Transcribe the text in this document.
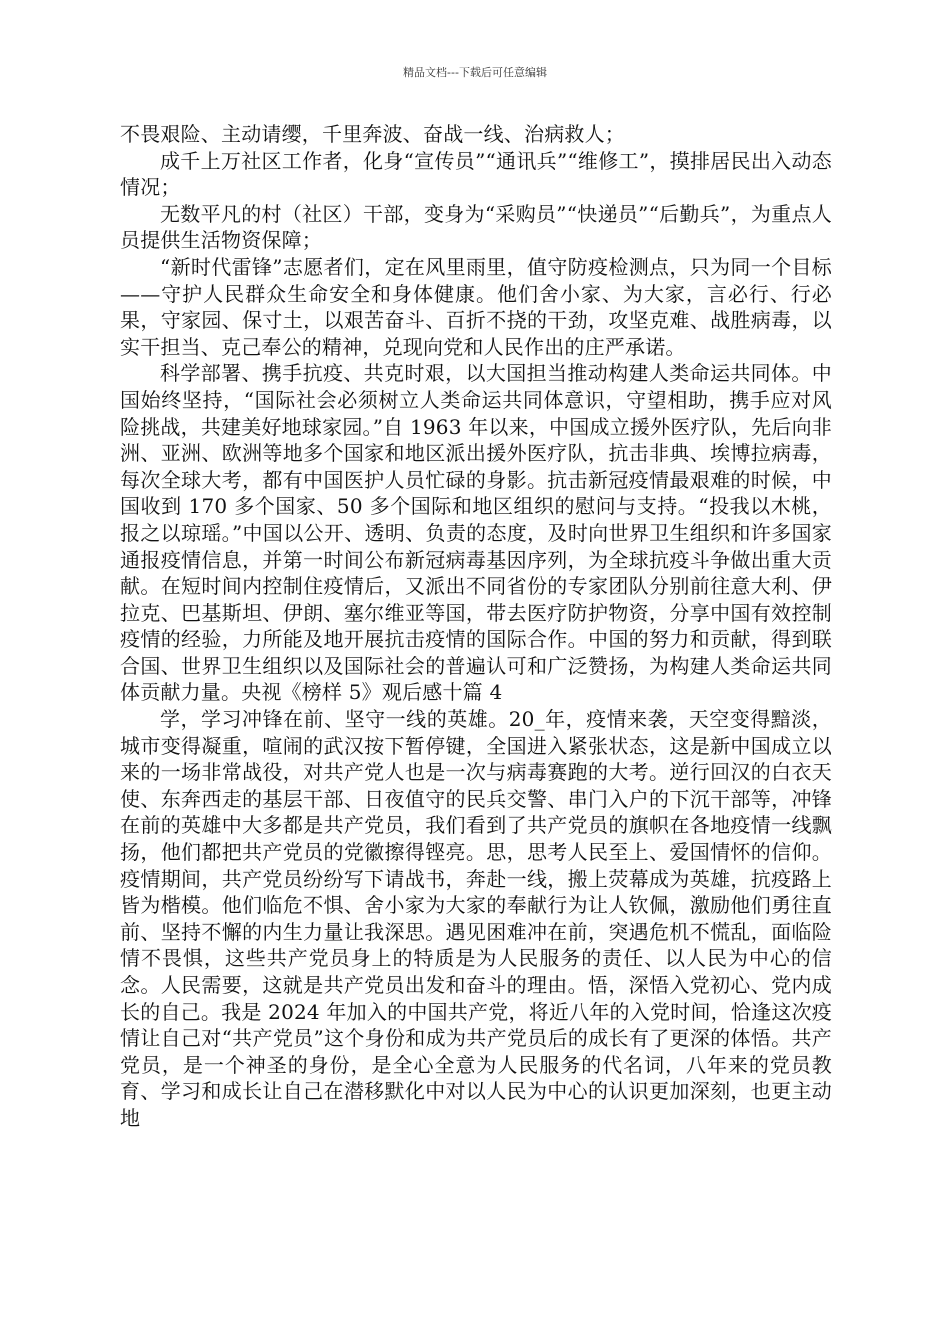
精品文档---下载后可任意编辑

不畏艰险、主动请缨，千里奔波、奋战一线、治病救人；

成千上万社区工作者，化身“宣传员”“通讯兵”“维修工”，摸排居民出入动态情况；

无数平凡的村（社区）干部，变身为“采购员”“快递员”“后勤兵”，为重点人员提供生活物资保障；

“新时代雷锋”志愿者们，定在风里雨里，值守防疫检测点，只为同一个目标——守护人民群众生命安全和身体健康。他们舍小家、为大家，言必行、行必果，守家园、保寸土，以艰苦奋斗、百折不挠的干劲，攻坚克难、战胜病毒，以实干担当、克己奉公的精神，兑现向党和人民作出的庄严承诺。

科学部署、携手抗疫、共克时艰，以大国担当推动构建人类命运共同体。中国始终坚持，“国际社会必须树立人类命运共同体意识，守望相助，携手应对风险挑战，共建美好地球家园。”自 1963 年以来，中国成立援外医疗队，先后向非洲、亚洲、欧洲等地多个国家和地区派出援外医疗队，抗击非典、埃博拉病毒，每次全球大考，都有中国医护人员忙碌的身影。抗击新冠疫情最艰难的时候，中国收到 170 多个国家、50 多个国际和地区组织的慰问与支持。“投我以木桃，报之以琼瑶。”中国以公开、透明、负责的态度，及时向世界卫生组织和许多国家通报疫情信息，并第一时间公布新冠病毒基因序列，为全球抗疫斗争做出重大贡献。在短时间内控制住疫情后，又派出不同省份的专家团队分别前往意大利、伊拉克、巴基斯坦、伊朗、塞尔维亚等国，带去医疗防护物资，分享中国有效控制疫情的经验，力所能及地开展抗击疫情的国际合作。中国的努力和贡献，得到联合国、世界卫生组织以及国际社会的普遍认可和广泛赞扬，为构建人类命运共同体贡献力量。央视《榜样 5》观后感十篇 4

学，学习冲锋在前、坚守一线的英雄。20_年，疫情来袭，天空变得黯淡，城市变得凝重，喧闹的武汉按下暂停键，全国进入紧张状态，这是新中国成立以来的一场非常战役，对共产党人也是一次与病毒赛跑的大考。逆行回汉的白衣天使、东奔西走的基层干部、日夜值守的民兵交警、串门入户的下沉干部等，冲锋在前的英雄中大多都是共产党员，我们看到了共产党员的旗帜在各地疫情一线飘扬，他们都把共产党员的党徽擦得铿亮。思，思考人民至上、爱国情怀的信仰。疫情期间，共产党员纷纷写下请战书，奔赴一线，搬上荧幕成为英雄，抗疫路上皆为楷模。他们临危不惧、舍小家为大家的奉献行为让人钦佩，激励他们勇往直前、坚持不懈的内生力量让我深思。遇见困难冲在前，突遇危机不慌乱，面临险情不畏惧，这些共产党员身上的特质是为人民服务的责任、以人民为中心的信念。人民需要，这就是共产党员出发和奋斗的理由。悟，深悟入党初心、党内成长的自己。我是 2024 年加入的中国共产党，将近八年的入党时间，恰逢这次疫情让自己对“共产党员”这个身份和成为共产党员后的成长有了更深的体悟。共产党员，是一个神圣的身份，是全心全意为人民服务的代名词，八年来的党员教育、学习和成长让自己在潜移默化中对以人民为中心的认识更加深刻，也更主动地
